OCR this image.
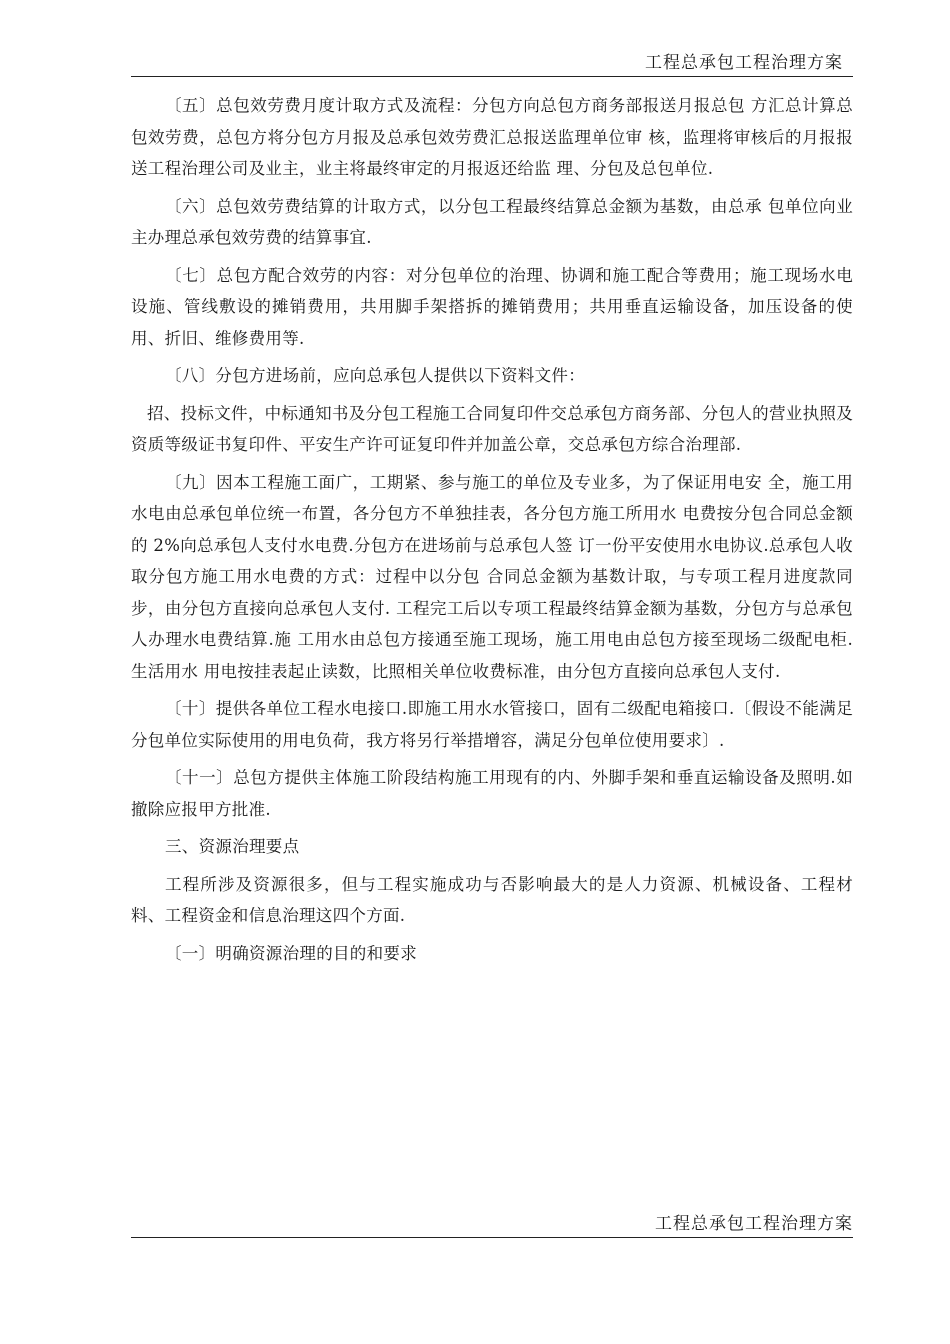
工程总承包工程治理方案

〔五〕总包效劳费月度计取方式及流程：分包方向总包方商务部报送月报总包 方汇总计算总包效劳费，总包方将分包方月报及总承包效劳费汇总报送监理单位审 核，监理将审核后的月报报送工程治理公司及业主，业主将最终审定的月报返还给监 理、分包及总包单位.

〔六〕总包效劳费结算的计取方式，以分包工程最终结算总金额为基数，由总承 包单位向业主办理总承包效劳费的结算事宜.

〔七〕总包方配合效劳的内容：对分包单位的治理、协调和施工配合等费用；施工现场水电设施、管线敷设的摊销费用，共用脚手架搭拆的摊销费用；共用垂直运输设备，加压设备的使用、折旧、维修费用等.

〔八〕分包方进场前，应向总承包人提供以下资料文件：

招、投标文件，中标通知书及分包工程施工合同复印件交总承包方商务部、分包人的营业执照及资质等级证书复印件、平安生产许可证复印件并加盖公章，交总承包方综合治理部.

〔九〕因本工程施工面广，工期紧、参与施工的单位及专业多，为了保证用电安 全，施工用水电由总承包单位统一布置，各分包方不单独挂表，各分包方施工所用水 电费按分包合同总金额的 2%向总承包人支付水电费.分包方在进场前与总承包人签 订一份平安使用水电协议.总承包人收取分包方施工用水电费的方式：过程中以分包 合同总金额为基数计取，与专项工程月进度款同步，由分包方直接向总承包人支付. 工程完工后以专项工程最终结算金额为基数，分包方与总承包人办理水电费结算.施 工用水由总包方接通至施工现场，施工用电由总包方接至现场二级配电柜.生活用水 用电按挂表起止读数，比照相关单位收费标准，由分包方直接向总承包人支付.

〔十〕提供各单位工程水电接口.即施工用水水管接口，固有二级配电箱接口.〔假设不能满足分包单位实际使用的用电负荷，我方将另行举措增容，满足分包单位使用要求〕.

〔十一〕总包方提供主体施工阶段结构施工用现有的内、外脚手架和垂直运输设备及照明.如撤除应报甲方批准.

三、资源治理要点

工程所涉及资源很多，但与工程实施成功与否影响最大的是人力资源、机械设备、工程材料、工程资金和信息治理这四个方面.

〔一〕明确资源治理的目的和要求

工程总承包工程治理方案
